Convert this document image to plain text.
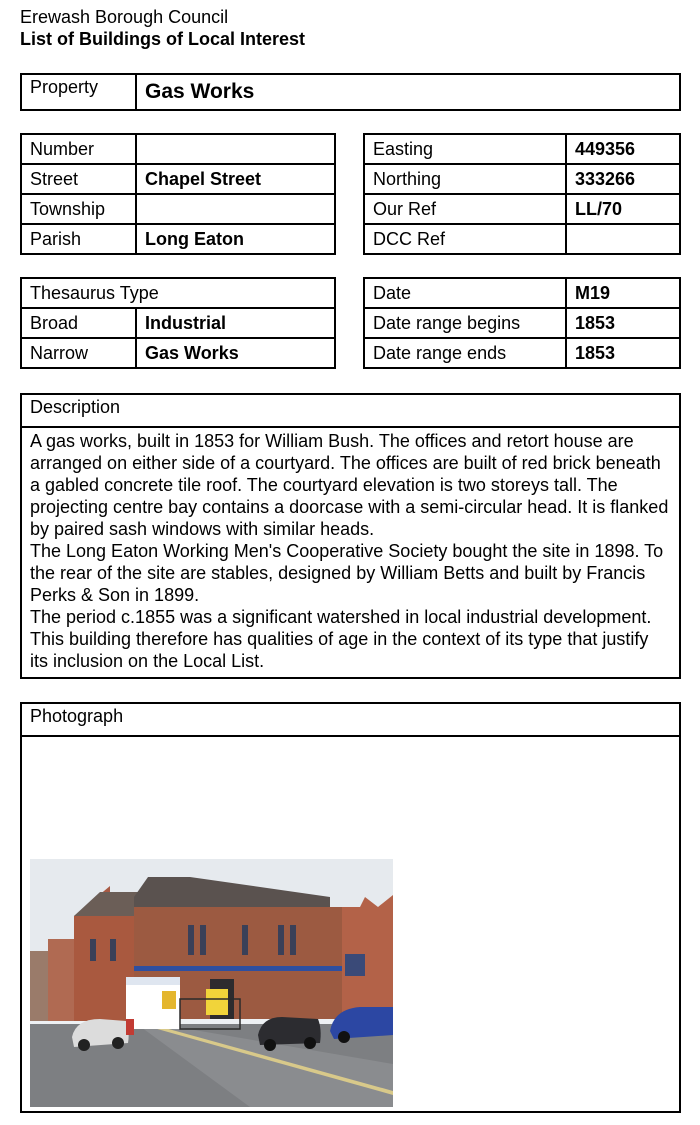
Erewash Borough Council
List of Buildings of Local Interest
Property	Gas Works
Number	
Street	Chapel Street
Township	
Parish	Long Eaton
Easting	449356
Northing	333266
Our Ref	LL/70
DCC Ref	
Thesaurus Type	
Broad	Industrial
Narrow	Gas Works
Date	M19
Date range begins	1853
Date range ends	1853
Description

A gas works, built in 1853 for William Bush. The offices and retort house are arranged on either side of a courtyard. The offices are built of red brick beneath a gabled concrete tile roof. The courtyard elevation is two storeys tall. The projecting centre bay contains a doorcase with a semi-circular head. It is flanked by paired sash windows with similar heads.

The Long Eaton Working Men's Cooperative Society bought the site in 1898. To the rear of the site are stables, designed by William Betts and built by Francis Perks & Son in 1899.

The period c.1855 was a significant watershed in local industrial development. This building therefore has qualities of age in the context of its type that justify its inclusion on the Local List.

Photograph
